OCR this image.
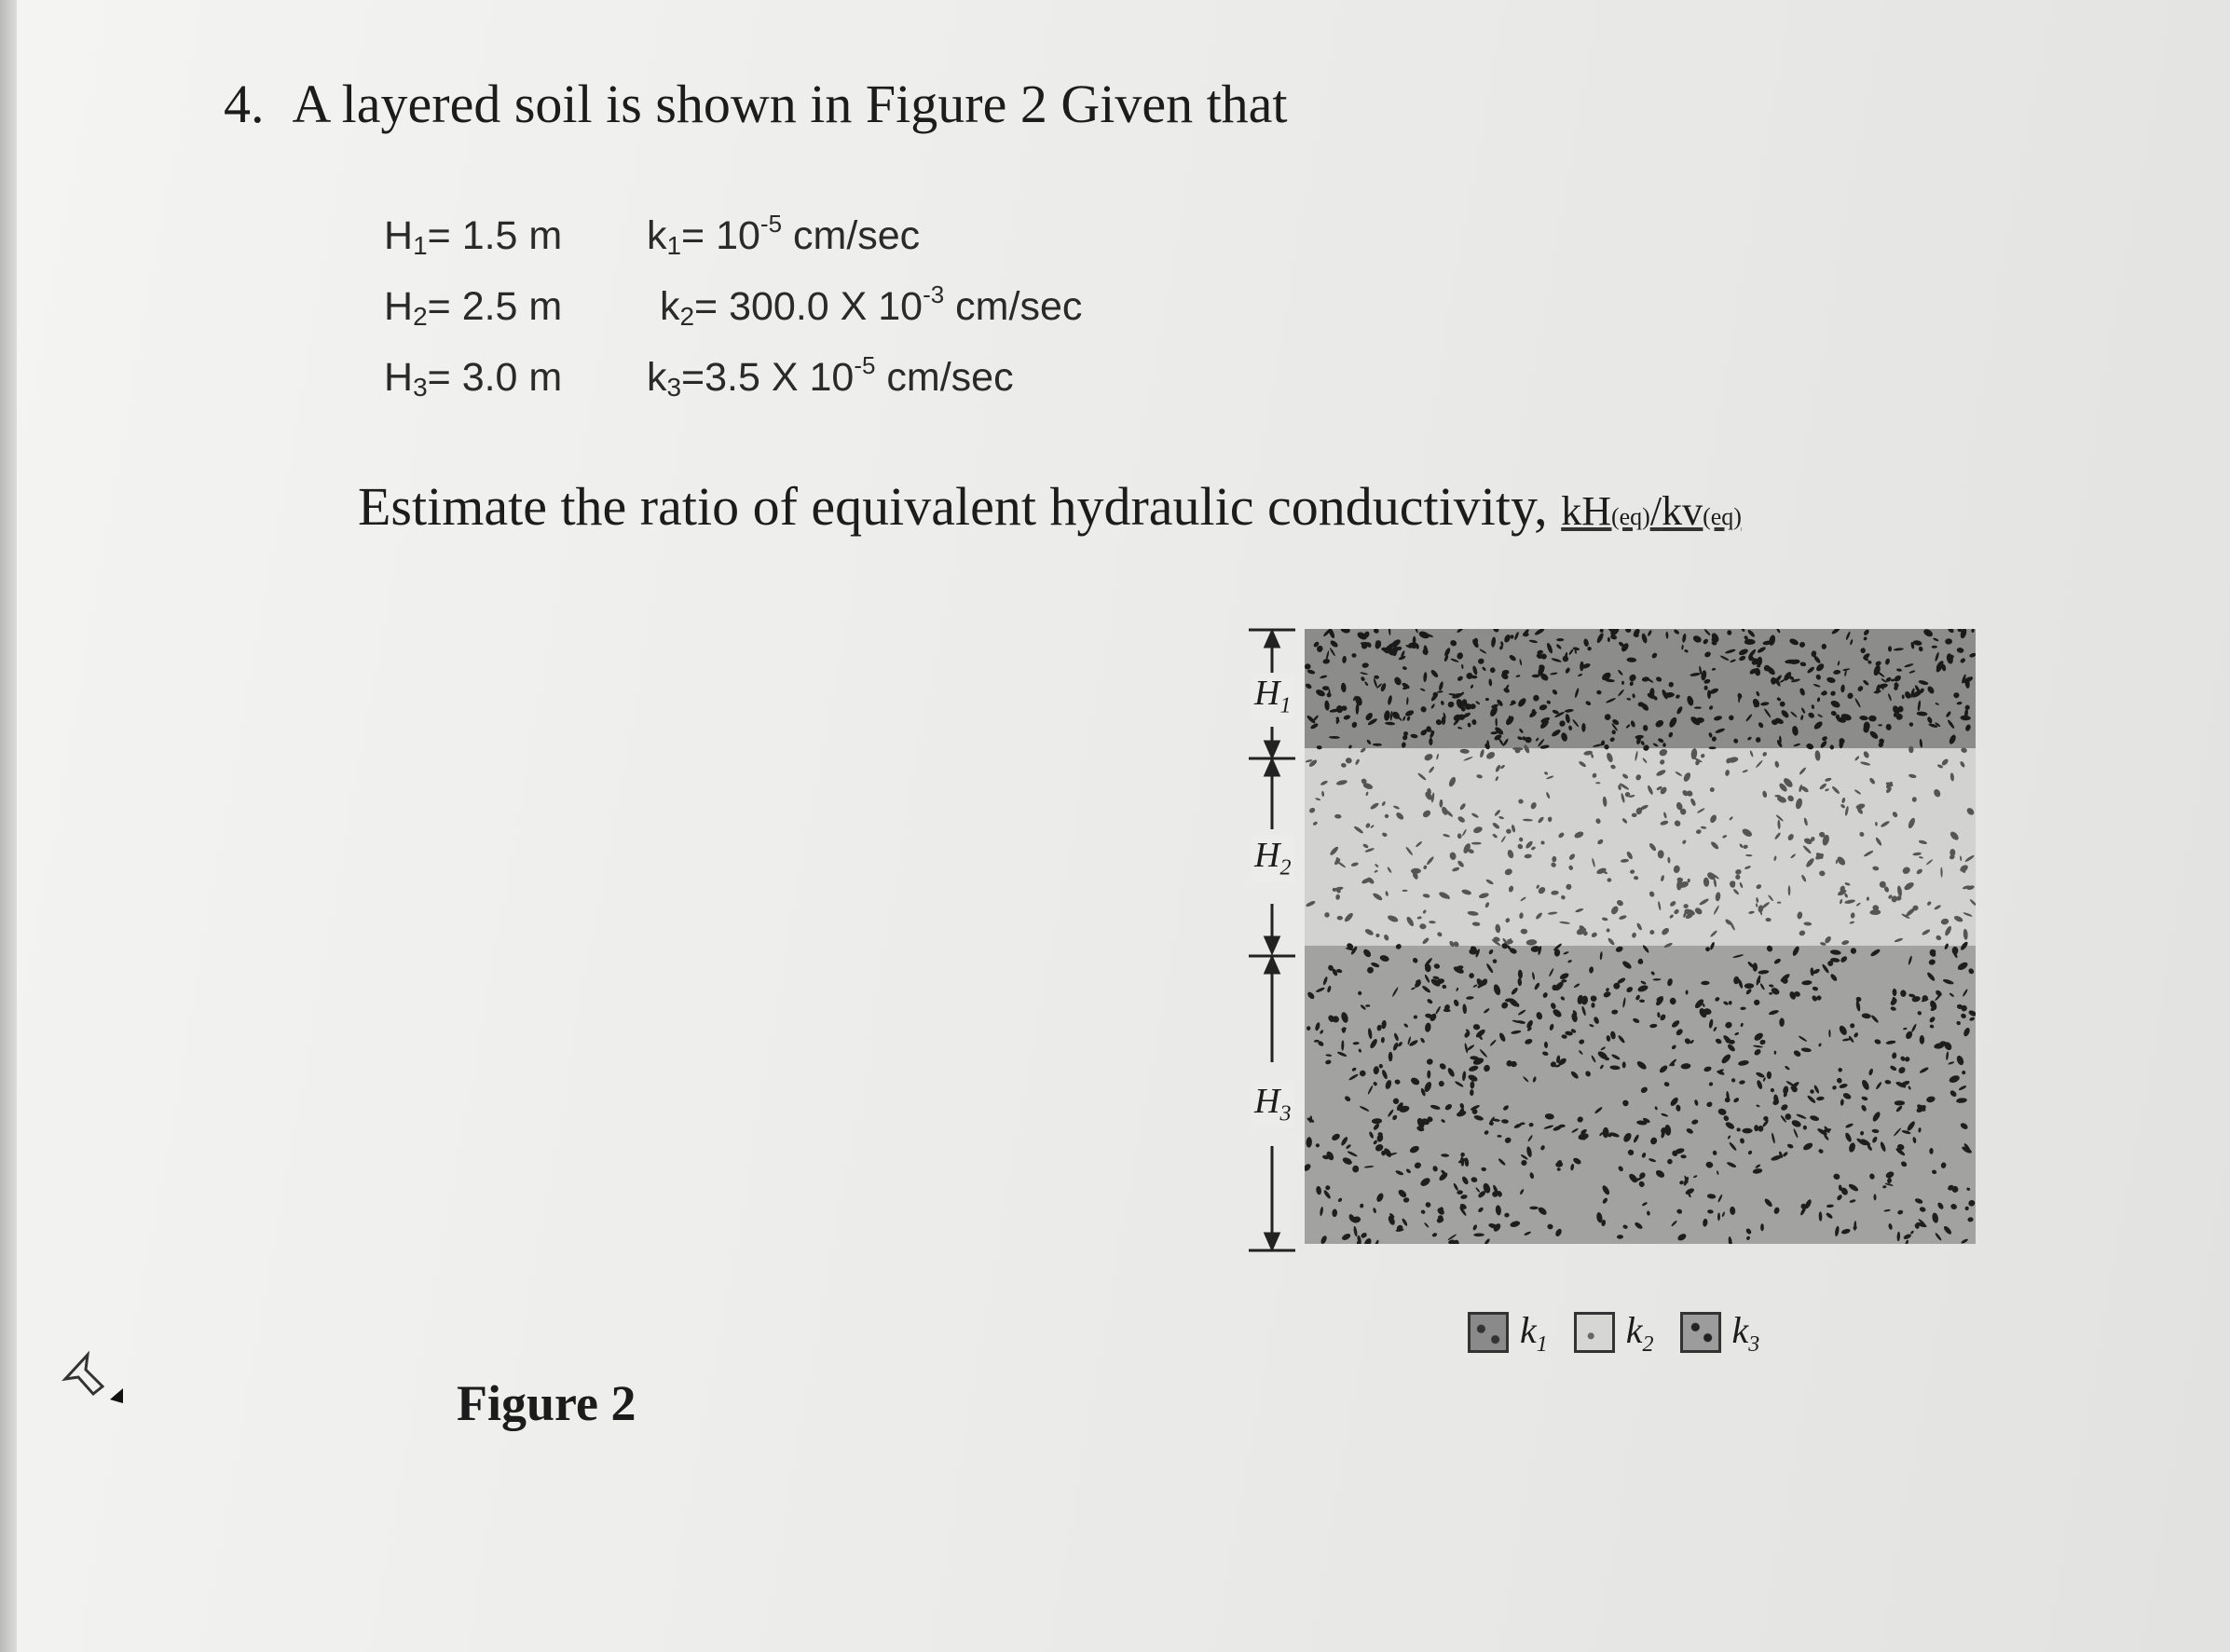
4. A layered soil is shown in Figure 2 Given that
$H_1= 1.5$ m $k_1= 10^{-5}$ cm/sec
$H_2= 2.5$ m $k_2= 300.0$ X $10^{-3}$ cm/sec
$H_3= 3.0$ m $k_3=3.5$ X $10^{-5}$ cm/sec
Estimate the ratio of equivalent hydraulic conductivity, kH(eq)/kv(eq)
$H_1$
$H_2$
$H_3$
$k_1$ $k_2$ $k_3$
Figure 2
